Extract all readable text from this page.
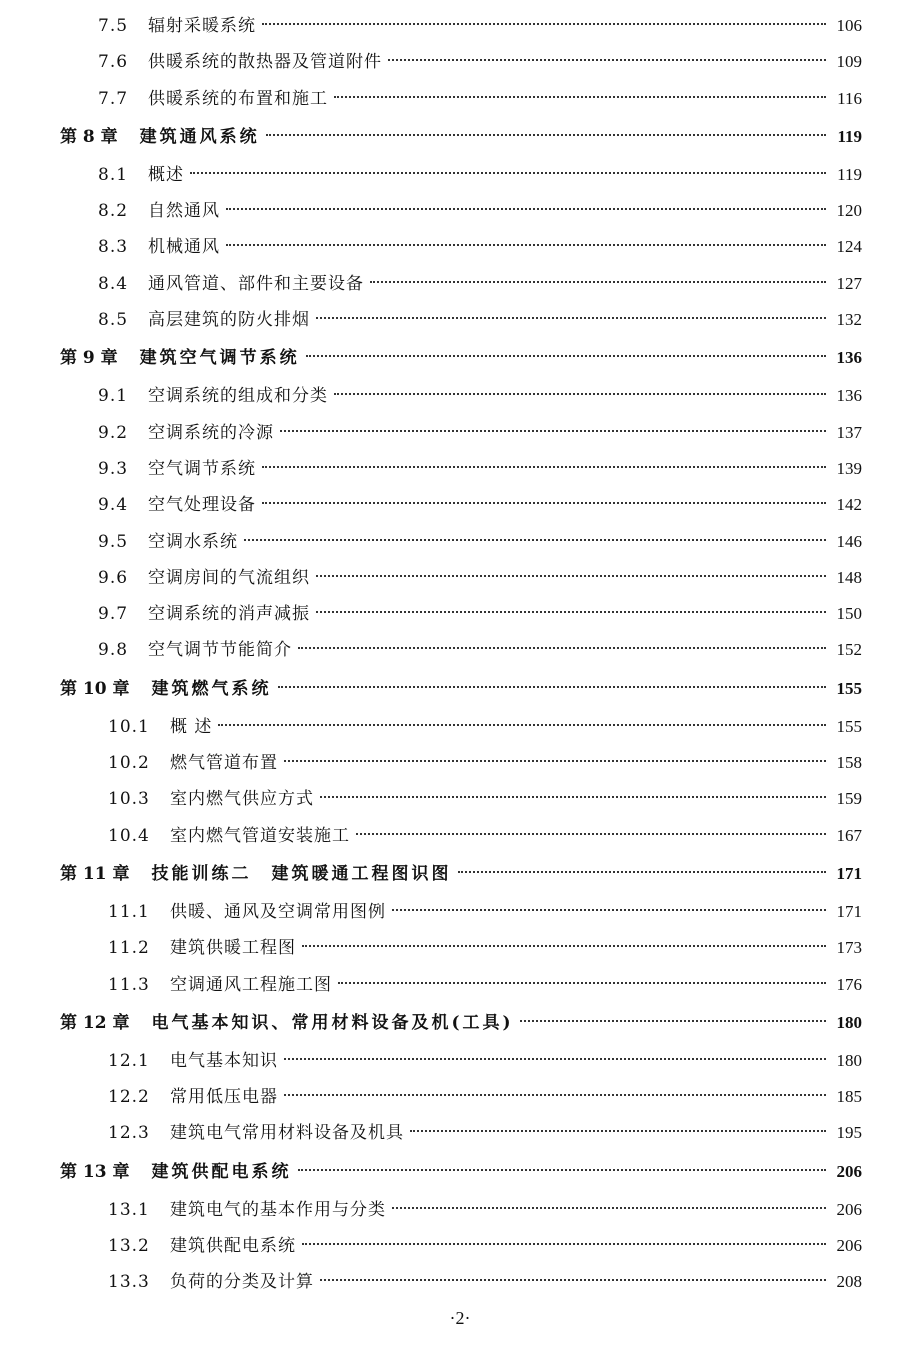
7.5	辐射采暖系统	106
7.6	供暖系统的散热器及管道附件	109
7.7	供暖系统的布置和施工	116
第 8 章 建筑通风系统	119
8.1	概述	119
8.2	自然通风	120
8.3	机械通风	124
8.4	通风管道、部件和主要设备	127
8.5	高层建筑的防火排烟	132
第 9 章 建筑空气调节系统	136
9.1	空调系统的组成和分类	136
9.2	空调系统的冷源	137
9.3	空气调节系统	139
9.4	空气处理设备	142
9.5	空调水系统	146
9.6	空调房间的气流组织	148
9.7	空调系统的消声减振	150
9.8	空气调节节能简介	152
第 10 章 建筑燃气系统	155
10.1	概 述	155
10.2	燃气管道布置	158
10.3	室内燃气供应方式	159
10.4	室内燃气管道安装施工	167
第 11 章 技能训练二　建筑暖通工程图识图	171
11.1	供暖、通风及空调常用图例	171
11.2	建筑供暖工程图	173
11.3	空调通风工程施工图	176
第 12 章 电气基本知识、常用材料设备及机(工具)	180
12.1	电气基本知识	180
12.2	常用低压电器	185
12.3	建筑电气常用材料设备及机具	195
第 13 章 建筑供配电系统	206
13.1	建筑电气的基本作用与分类	206
13.2	建筑供配电系统	206
13.3	负荷的分类及计算	208
·2·
